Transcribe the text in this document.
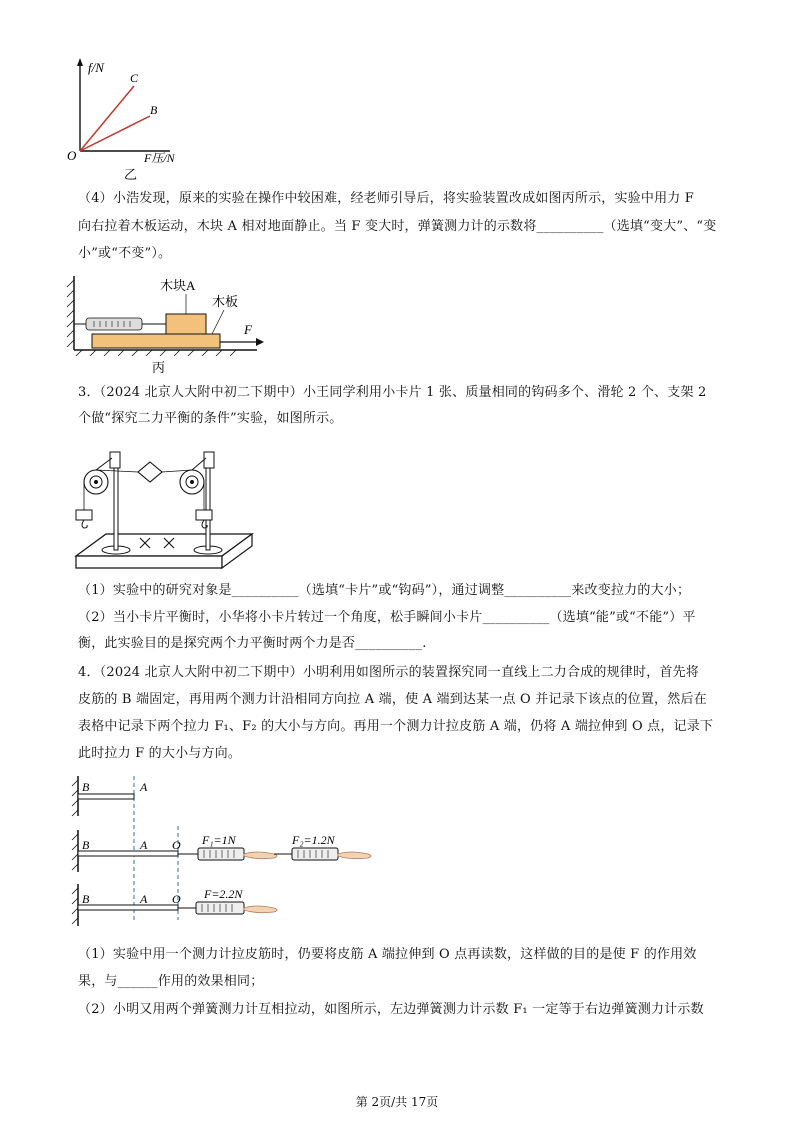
f/N
C
B
O	F压/N
乙
（4）小浩发现，原来的实验在操作中较困难，经老师引导后，将实验装置改成如图丙所示，实验中用力 F
向右拉着木板运动，木块 A 相对地面静止。当 F 变大时，弹簧测力计的示数将__________（选填“变大”、“变
小”或“不变”）。
木块A
木板
F
丙
3．（2024 北京人大附中初二下期中）小王同学利用小卡片 1 张、质量相同的钩码多个、滑轮 2 个、支架 2
个做“探究二力平衡的条件”实验，如图所示。
（1）实验中的研究对象是__________（选填“卡片”或“钩码”），通过调整__________来改变拉力的大小；
（2）当小卡片平衡时，小华将小卡片转过一个角度，松手瞬间小卡片__________（选填“能”或“不能”）平
衡，此实验目的是探究两个力平衡时两个力是否__________.
4．（2024 北京人大附中初二下期中）小明利用如图所示的装置探究同一直线上二力合成的规律时，首先将
皮筋的 B 端固定，再用两个测力计沿相同方向拉 A 端，使 A 端到达某一点 O 并记录下该点的位置，然后在
表格中记录下两个拉力 F₁、F₂ 的大小与方向。再用一个测力计拉皮筋 A 端，仍将 A 端拉伸到 O 点，记录下
此时拉力 F 的大小与方向。
B	A
B	A O F₁=1N	F₂=1.2N
B	A O F=2.2N
（1）实验中用一个测力计拉皮筋时，仍要将皮筋 A 端拉伸到 O 点再读数，这样做的目的是使 F 的作用效
果，与______作用的效果相同；
（2）小明又用两个弹簧测力计互相拉动，如图所示，左边弹簧测力计示数 F₁ 一定等于右边弹簧测力计示数
第 2页/共 17页
